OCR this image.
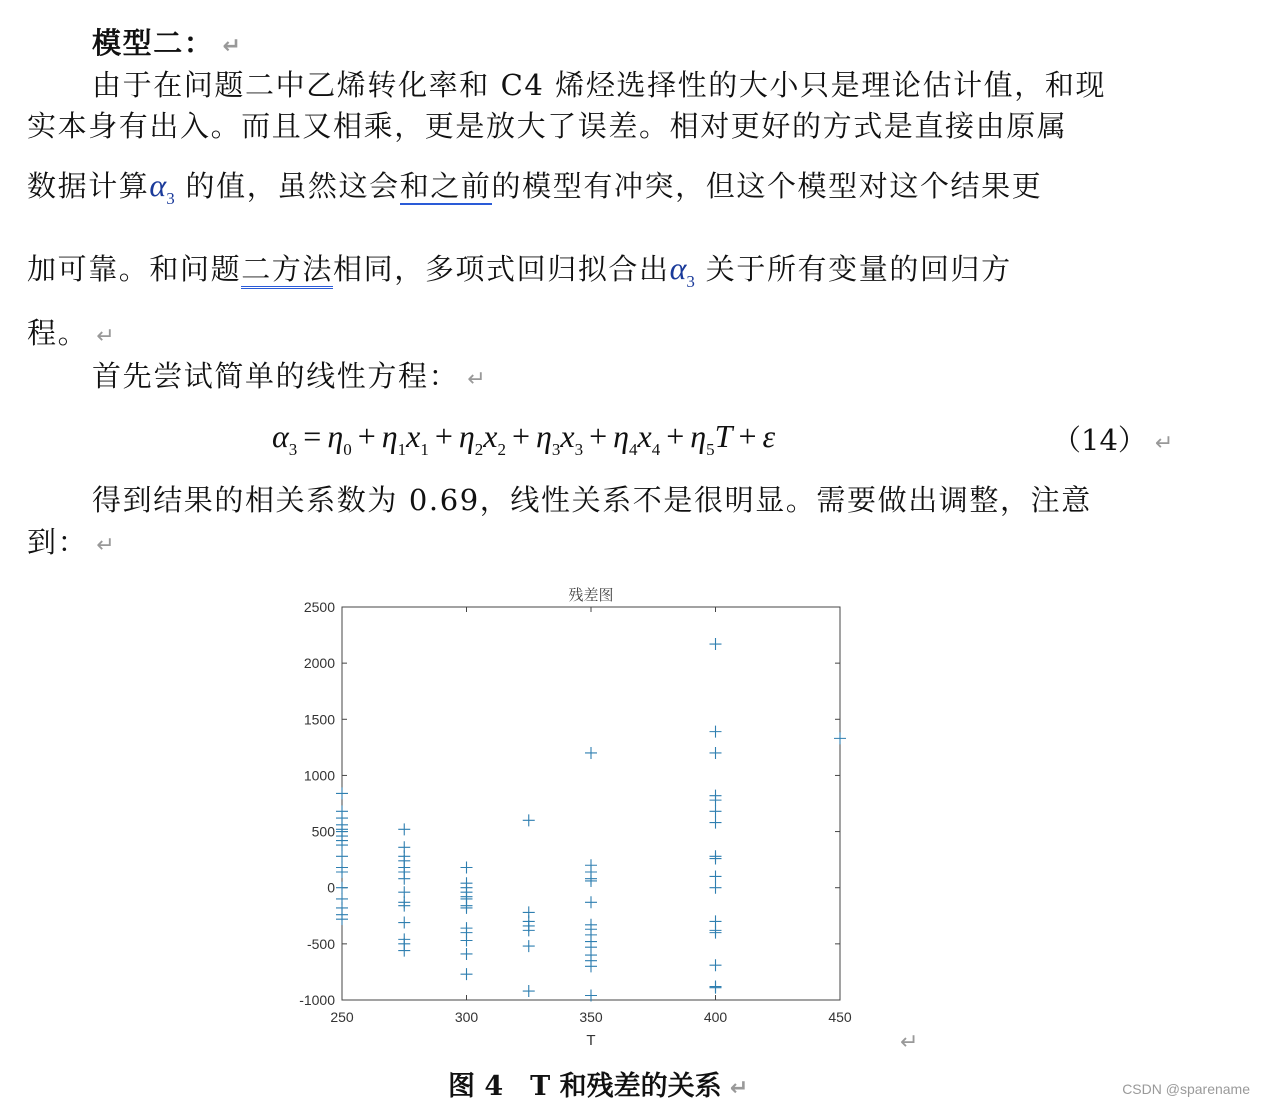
模型二： ↵
由于在问题二中乙烯转化率和 C4 烯烃选择性的大小只是理论估计值，和现
实本身有出入。而且又相乘，更是放大了误差。相对更好的方式是直接由原属
数据计算$\alpha_3$ 的值，虽然这会和之前的模型有冲突，但这个模型对这个结果更
加可靠。和问题二方法相同，多项式回归拟合出$\alpha_3$ 关于所有变量的回归方
程。 ↵
首先尝试简单的线性方程： ↵
$\alpha_3 = \eta_0 + \eta_1x_1 + \eta_2x_2 + \eta_3x_3 + \eta_4x_4 + \eta_5T + \varepsilon$	（14） ↵
得到结果的相关系数为 0.69，线性关系不是很明显。需要做出调整，注意
到： ↵
250	300	350	400	450
-1000
-500
0
500
1000
1500
2000
2500
残差图
T	↵
图 4　T 和残差的关系 ↵	CSDN @sparename
